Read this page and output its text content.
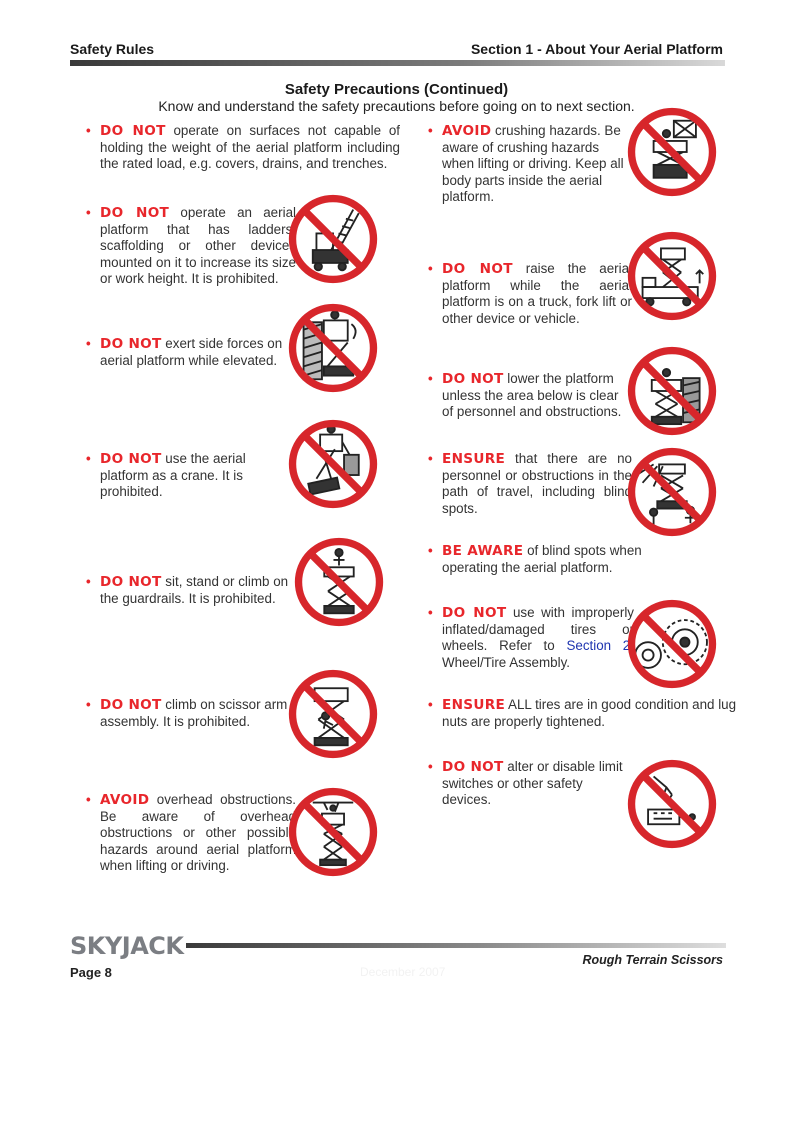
Safety Rules	Section 1 - About Your Aerial Platform
Safety Precautions (Continued)
Know and understand the safety precautions before going on to next section.
• DO NOT operate on surfaces not capable of holding the weight of the aerial platform including the rated load, e.g. covers, drains, and trenches.
• DO NOT operate an aerial platform that has ladders, scaffolding or other devices mounted on it to increase its size or work height. It is prohibited.
• DO NOT exert side forces on aerial platform while elevated.
• DO NOT use the aerial platform as a crane. It is prohibited.
• DO NOT sit, stand or climb on the guardrails. It is prohibited.
• DO NOT climb on scissor arm assembly. It is prohibited.
• AVOID overhead obstructions. Be aware of overhead obstructions or other possible hazards around aerial platform when lifting or driving.
• AVOID crushing hazards. Be aware of crushing hazards when lifting or driving. Keep all body parts inside the aerial platform.
• DO NOT raise the aerial platform while the aerial platform is on a truck, fork lift or other device or vehicle.
• DO NOT lower the platform unless the area below is clear of personnel and obstructions.
• ENSURE that there are no personnel or obstructions in the path of travel, including blind spots.
• BE AWARE of blind spots when operating the aerial platform.
• DO NOT use with improperly inflated/damaged tires or wheels. Refer to Section 2: Wheel/Tire Assembly.
• ENSURE ALL tires are in good condition and lug nuts are properly tightened.
• DO NOT alter or disable limit switches or other safety devices.
SKYJACK	Rough Terrain Scissors
Page 8	December 2007
